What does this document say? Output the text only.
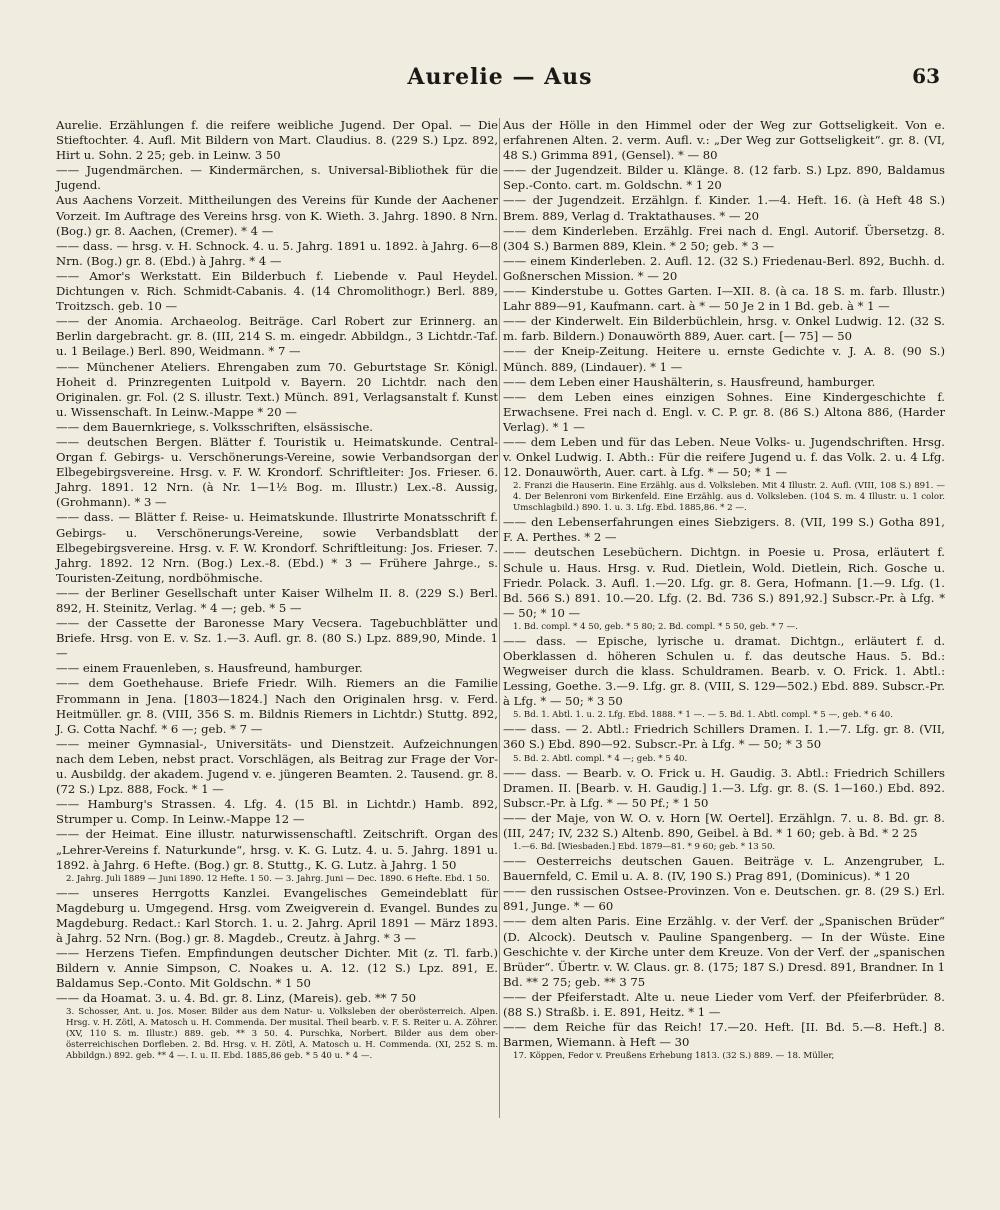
Aurelie — Aus	63

Aurelie. Erzählungen f. die reifere weibliche Jugend. Der Opal. — Die Stieftochter. 4. Aufl. Mit Bildern von Mart. Claudius. 8. (229 S.) Lpz. 892, Hirt u. Sohn. 2 25; geb. in Leinw. 3 50

—— Jugendmärchen. — Kindermärchen, s. Universal-Bibliothek für die Jugend.

Aus Aachens Vorzeit. Mittheilungen des Vereins für Kunde der Aachener Vorzeit. Im Auftrage des Vereins hrsg. von K. Wieth. 3. Jahrg. 1890. 8 Nrn. (Bog.) gr. 8. Aachen, (Cremer). * 4 —

—— dass. — hrsg. v. H. Schnock. 4. u. 5. Jahrg. 1891 u. 1892. à Jahrg. 6—8 Nrn. (Bog.) gr. 8. (Ebd.) à Jahrg. * 4 —

—— Amor's Werkstatt. Ein Bilderbuch f. Liebende v. Paul Heydel. Dichtungen v. Rich. Schmidt-Cabanis. 4. (14 Chromolithogr.) Berl. 889, Troitzsch. geb. 10 —

—— der Anomia. Archaeolog. Beiträge. Carl Robert zur Erinnerg. an Berlin dargebracht. gr. 8. (III, 214 S. m. eingedr. Abbildgn., 3 Lichtdr.-Taf. u. 1 Beilage.) Berl. 890, Weidmann. * 7 —

—— Münchener Ateliers. Ehrengaben zum 70. Geburtstage Sr. Königl. Hoheit d. Prinzregenten Luitpold v. Bayern. 20 Lichtdr. nach den Originalen. gr. Fol. (2 S. illustr. Text.) Münch. 891, Verlagsanstalt f. Kunst u. Wissenschaft. In Leinw.-Mappe * 20 —

—— dem Bauernkriege, s. Volksschriften, elsässische.

—— deutschen Bergen. Blätter f. Touristik u. Heimatskunde. Central-Organ f. Gebirgs- u. Verschönerungs-Vereine, sowie Verbandsorgan der Elbegebirgsvereine. Hrsg. v. F. W. Krondorf. Schriftleiter: Jos. Frieser. 6. Jahrg. 1891. 12 Nrn. (à Nr. 1—1½ Bog. m. Illustr.) Lex.-8. Aussig, (Grohmann). * 3 —

—— dass. — Blätter f. Reise- u. Heimatskunde. Illustrirte Monatsschrift f. Gebirgs- u. Verschönerungs-Vereine, sowie Verbandsblatt der Elbegebirgsvereine. Hrsg. v. F. W. Krondorf. Schriftleitung: Jos. Frieser. 7. Jahrg. 1892. 12 Nrn. (Bog.) Lex.-8. (Ebd.) * 3 — Frühere Jahrge., s. Touristen-Zeitung, nordböhmische.

—— der Berliner Gesellschaft unter Kaiser Wilhelm II. 8. (229 S.) Berl. 892, H. Steinitz, Verlag. * 4 —; geb. * 5 —

—— der Cassette der Baronesse Mary Vecsera. Tagebuchblätter und Briefe. Hrsg. von E. v. Sz. 1.—3. Aufl. gr. 8. (80 S.) Lpz. 889,90, Minde. 1 —

—— einem Frauenleben, s. Hausfreund, hamburger.

—— dem Goethehause. Briefe Friedr. Wilh. Riemers an die Familie Frommann in Jena. [1803—1824.] Nach den Originalen hrsg. v. Ferd. Heitmüller. gr. 8. (VIII, 356 S. m. Bildnis Riemers in Lichtdr.) Stuttg. 892, J. G. Cotta Nachf. * 6 —; geb. * 7 —

—— meiner Gymnasial-, Universitäts- und Dienstzeit. Aufzeichnungen nach dem Leben, nebst pract. Vorschlägen, als Beitrag zur Frage der Vor- u. Ausbildg. der akadem. Jugend v. e. jüngeren Beamten. 2. Tausend. gr. 8. (72 S.) Lpz. 888, Fock. * 1 —

—— Hamburg's Strassen. 4. Lfg. 4. (15 Bl. in Lichtdr.) Hamb. 892, Strumper u. Comp. In Leinw.-Mappe 12 —

—— der Heimat. Eine illustr. naturwissenschaftl. Zeitschrift. Organ des „Lehrer-Vereins f. Naturkunde“, hrsg. v. K. G. Lutz. 4. u. 5. Jahrg. 1891 u. 1892. à Jahrg. 6 Hefte. (Bog.) gr. 8. Stuttg., K. G. Lutz. à Jahrg. 1 50

2. Jahrg. Juli 1889 — Juni 1890. 12 Hefte. 1 50. — 3. Jahrg. Juni — Dec. 1890. 6 Hefte. Ebd. 1 50.

—— unseres Herrgotts Kanzlei. Evangelisches Gemeindeblatt für Magdeburg u. Umgegend. Hrsg. vom Zweigverein d. Evangel. Bundes zu Magdeburg. Redact.: Karl Storch. 1. u. 2. Jahrg. April 1891 — März 1893. à Jahrg. 52 Nrn. (Bog.) gr. 8. Magdeb., Creutz. à Jahrg. * 3 —

—— Herzens Tiefen. Empfindungen deutscher Dichter. Mit (z. Tl. farb.) Bildern v. Annie Simpson, C. Noakes u. A. 12. (12 S.) Lpz. 891, E. Baldamus Sep.-Conto. Mit Goldschn. * 1 50

—— da Hoamat. 3. u. 4. Bd. gr. 8. Linz, (Mareis). geb. ** 7 50

3. Schosser, Ant. u. Jos. Moser. Bilder aus dem Natur- u. Volksleben der oberösterreich. Alpen. Hrsg. v. H. Zötl, A. Matosch u. H. Commenda. Der musital. Theil bearb. v. F. S. Reiter u. A. Zöhrer. (XV, 110 S. m. Illustr.) 889. geb. ** 3 50. 4. Purschka, Norbert. Bilder aus dem ober-österreichischen Dorfleben. 2. Bd. Hrsg. v. H. Zötl, A. Matosch u. H. Commenda. (XI, 252 S. m. Abbildgn.) 892. geb. ** 4 —. I. u. II. Ebd. 1885,86 geb. * 5 40 u. * 4 —.

Aus der Hölle in den Himmel oder der Weg zur Gottseligkeit. Von e. erfahrenen Alten. 2. verm. Aufl. v.: „Der Weg zur Gottseligkeit“. gr. 8. (VI, 48 S.) Grimma 891, (Gensel). * — 80

—— der Jugendzeit. Bilder u. Klänge. 8. (12 farb. S.) Lpz. 890, Baldamus Sep.-Conto. cart. m. Goldschn. * 1 20

—— der Jugendzeit. Erzählgn. f. Kinder. 1.—4. Heft. 16. (à Heft 48 S.) Brem. 889, Verlag d. Traktathauses. * — 20

—— dem Kinderleben. Erzählg. Frei nach d. Engl. Autorif. Übersetzg. 8. (304 S.) Barmen 889, Klein. * 2 50; geb. * 3 —

—— einem Kinderleben. 2. Aufl. 12. (32 S.) Friedenau-Berl. 892, Buchh. d. Goßnerschen Mission. * — 20

—— Kinderstube u. Gottes Garten. I—XII. 8. (à ca. 18 S. m. farb. Illustr.) Lahr 889—91, Kaufmann. cart. à * — 50 Je 2 in 1 Bd. geb. à * 1 —

—— der Kinderwelt. Ein Bilderbüchlein, hrsg. v. Onkel Ludwig. 12. (32 S. m. farb. Bildern.) Donauwörth 889, Auer. cart. [— 75] — 50

—— der Kneip-Zeitung. Heitere u. ernste Gedichte v. J. A. 8. (90 S.) Münch. 889, (Lindauer). * 1 —

—— dem Leben einer Haushälterin, s. Hausfreund, hamburger.

—— dem Leben eines einzigen Sohnes. Eine Kindergeschichte f. Erwachsene. Frei nach d. Engl. v. C. P. gr. 8. (86 S.) Altona 886, (Harder Verlag). * 1 —

—— dem Leben und für das Leben. Neue Volks- u. Jugendschriften. Hrsg. v. Onkel Ludwig. I. Abth.: Für die reifere Jugend u. f. das Volk. 2. u. 4 Lfg. 12. Donauwörth, Auer. cart. à Lfg. * — 50; * 1 —

2. Franzi die Hauserin. Eine Erzählg. aus d. Volksleben. Mit 4 Illustr. 2. Aufl. (VIII, 108 S.) 891. — 4. Der Belenroni vom Birkenfeld. Eine Erzählg. aus d. Volksleben. (104 S. m. 4 Illustr. u. 1 color. Umschlagbild.) 890. 1. u. 3. Lfg. Ebd. 1885,86. * 2 —.

—— den Lebenserfahrungen eines Siebzigers. 8. (VII, 199 S.) Gotha 891, F. A. Perthes. * 2 —

—— deutschen Lesebüchern. Dichtgn. in Poesie u. Prosa, erläutert f. Schule u. Haus. Hrsg. v. Rud. Dietlein, Wold. Dietlein, Rich. Gosche u. Friedr. Polack. 3. Aufl. 1.—20. Lfg. gr. 8. Gera, Hofmann. [1.—9. Lfg. (1. Bd. 566 S.) 891. 10.—20. Lfg. (2. Bd. 736 S.) 891,92.] Subscr.-Pr. à Lfg. * — 50; * 10 —

1. Bd. compl. * 4 50, geb. * 5 80; 2. Bd. compl. * 5 50, geb. * 7 —.

—— dass. — Epische, lyrische u. dramat. Dichtgn., erläutert f. d. Oberklassen d. höheren Schulen u. f. das deutsche Haus. 5. Bd.: Wegweiser durch die klass. Schuldramen. Bearb. v. O. Frick. 1. Abtl.: Lessing, Goethe. 3.—9. Lfg. gr. 8. (VIII, S. 129—502.) Ebd. 889. Subscr.-Pr. à Lfg. * — 50; * 3 50

5. Bd. 1. Abtl. 1. u. 2. Lfg. Ebd. 1888. * 1 —. — 5. Bd. 1. Abtl. compl. * 5 —, geb. * 6 40.

—— dass. — 2. Abtl.: Friedrich Schillers Dramen. I. 1.—7. Lfg. gr. 8. (VII, 360 S.) Ebd. 890—92. Subscr.-Pr. à Lfg. * — 50; * 3 50

5. Bd. 2. Abtl. compl. * 4 —; geb. * 5 40.

—— dass. — Bearb. v. O. Frick u. H. Gaudig. 3. Abtl.: Friedrich Schillers Dramen. II. [Bearb. v. H. Gaudig.] 1.—3. Lfg. gr. 8. (S. 1—160.) Ebd. 892. Subscr.-Pr. à Lfg. * — 50 Pf.; * 1 50

—— der Maje, von W. O. v. Horn [W. Oertel]. Erzählgn. 7. u. 8. Bd. gr. 8. (III, 247; IV, 232 S.) Altenb. 890, Geibel. à Bd. * 1 60; geb. à Bd. * 2 25

1.—6. Bd. [Wiesbaden.] Ebd. 1879—81. * 9 60; geb. * 13 50.

—— Oesterreichs deutschen Gauen. Beiträge v. L. Anzengruber, L. Bauernfeld, C. Emil u. A. 8. (IV, 190 S.) Prag 891, (Dominicus). * 1 20

—— den russischen Ostsee-Provinzen. Von e. Deutschen. gr. 8. (29 S.) Erl. 891, Junge. * — 60

—— dem alten Paris. Eine Erzählg. v. der Verf. der „Spanischen Brüder“ (D. Alcock). Deutsch v. Pauline Spangenberg. — In der Wüste. Eine Geschichte v. der Kirche unter dem Kreuze. Von der Verf. der „spanischen Brüder“. Übertr. v. W. Claus. gr. 8. (175; 187 S.) Dresd. 891, Brandner. In 1 Bd. ** 2 75; geb. ** 3 75

—— der Pfeiferstadt. Alte u. neue Lieder vom Verf. der Pfeiferbrüder. 8. (88 S.) Straßb. i. E. 891, Heitz. * 1 —

—— dem Reiche für das Reich! 17.—20. Heft. [II. Bd. 5.—8. Heft.] 8. Barmen, Wiemann. à Heft — 30

17. Köppen, Fedor v. Preußens Erhebung 1813. (32 S.) 889. — 18. Müller,
